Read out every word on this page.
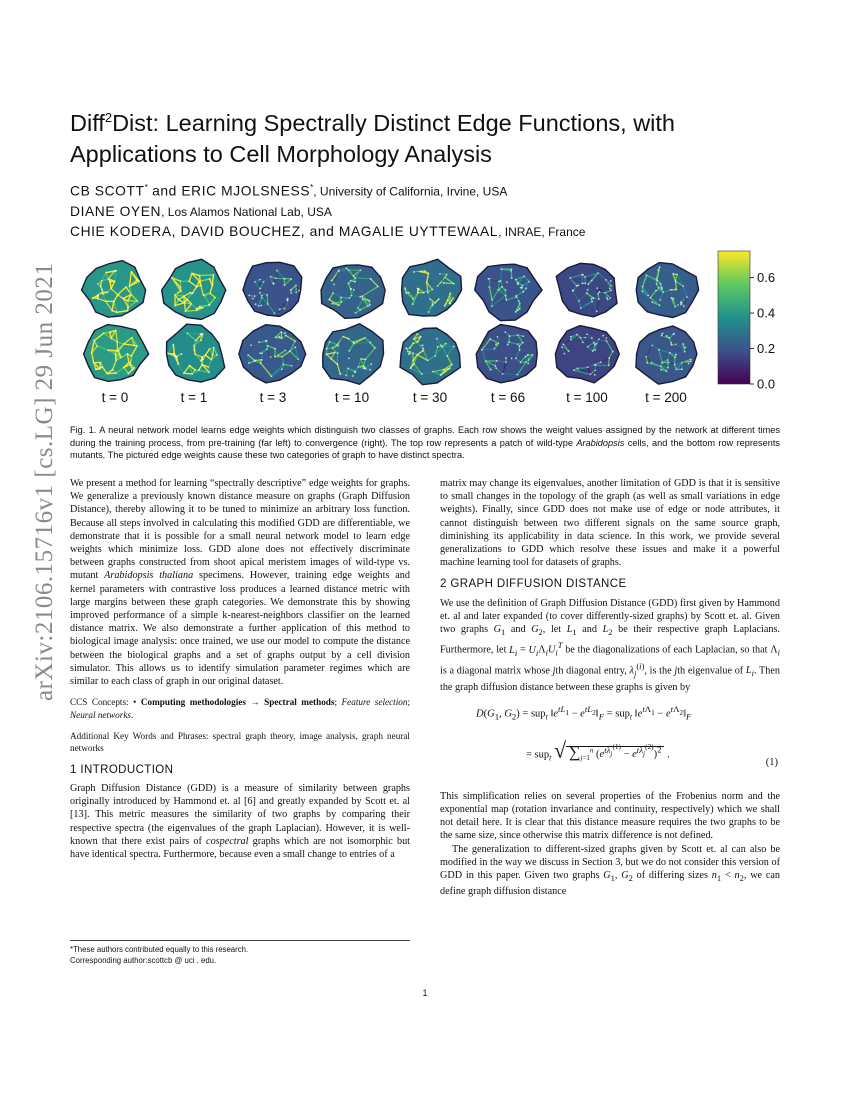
arXiv:2106.15716v1 [cs.LG] 29 Jun 2021
Diff$^2$Dist: Learning Spectrally Distinct Edge Functions, with Applications to Cell Morphology Analysis
CB SCOTT* and ERIC MJOLSNESS*, University of California, Irvine, USA
DIANE OYEN, Los Alamos National Lab, USA
CHIE KODERA, DAVID BOUCHEZ, and MAGALIE UYTTEWAAL, INRAE, France
t = 0	t = 1	t = 3	t = 10	t = 30	t = 66	t = 100	t = 200
0.6
0.4
0.2
0.0
Fig. 1. A neural network model learns edge weights which distinguish two classes of graphs. Each row shows the weight values assigned by the network at different times during the training process, from pre-training (far left) to convergence (right). The top row represents a patch of wild-type Arabidopsis cells, and the bottom row represents mutants. The pictured edge weights cause these two categories of graph to have distinct spectra.

We present a method for learning “spectrally descriptive” edge weights for graphs. We generalize a previously known distance measure on graphs (Graph Diffusion Distance), thereby allowing it to be tuned to minimize an arbitrary loss function. Because all steps involved in calculating this modified GDD are differentiable, we demonstrate that it is possible for a small neural network model to learn edge weights which minimize loss. GDD alone does not effectively discriminate between graphs constructed from shoot apical meristem images of wild-type vs. mutant Arabidopsis thaliana specimens. However, training edge weights and kernel parameters with contrastive loss produces a learned distance metric with large margins between these graph categories. We demonstrate this by showing improved performance of a simple k-nearest-neighbors classifier on the learned distance matrix. We also demonstrate a further application of this method to biological image analysis: once trained, we use our model to compute the distance between the biological graphs and a set of graphs output by a cell division simulator. This allows us to identify simulation parameter regimes which are similar to each class of graph in our original dataset.

CCS Concepts: • Computing methodologies → Spectral methods; Feature selection; Neural networks.

Additional Key Words and Phrases: spectral graph theory, image analysis, graph neural networks

1 INTRODUCTION

Graph Diffusion Distance (GDD) is a measure of similarity between graphs originally introduced by Hammond et. al [6] and greatly expanded by Scott et. al [13]. This metric measures the similarity of two graphs by comparing their respective spectra (the eigenvalues of the graph Laplacian). However, it is well-known that there exist pairs of cospectral graphs which are not isomorphic but have identical spectra. Furthermore, because even a small change to entries of a

matrix may change its eigenvalues, another limitation of GDD is that it is sensitive to small changes in the topology of the graph (as well as small variations in edge weights). Finally, since GDD does not make use of edge or node attributes, it cannot distinguish between two different signals on the same source graph, diminishing its applicability in data science. In this work, we provide several generalizations to GDD which resolve these issues and make it a powerful machine learning tool for datasets of graphs.

2 GRAPH DIFFUSION DISTANCE

We use the definition of Graph Diffusion Distance (GDD) first given by Hammond et. al and later expanded (to cover differently-sized graphs) by Scott et. al. Given two graphs $G_1$ and $G_2$, let $L_1$ and $L_2$ be their respective graph Laplacians. Furthermore, let $L_i = U_i\Lambda_iU_i^T$ be the diagonalizations of each Laplacian, so that $\Lambda_i$ is a diagonal matrix whose jth diagonal entry, $\lambda_j^{(i)}$, is the jth eigenvalue of $L_i$. Then the graph diffusion distance between these graphs is given by

$D(G_1$, $G_2) = sup_t$ $‖e^{tL_1}$ − $e^{tL_2}‖_F = sup_t$ $‖e^{t\Lambda_1}$ − $e^{t\Lambda_2}‖_F$
= sup$_t$ √ $\sum_{j=1}^n$ $(e^{t\lambda_j^{(1)}} - e^{t\lambda_j^{(2)}})^2$ .
(1)

This simplification relies on several properties of the Frobenius norm and the exponential map (rotation invariance and continuity, respectively) which we shall not detail here. It is clear that this distance measure requires the two graphs to be the same size, since otherwise this matrix difference is not defined.

The generalization to different-sized graphs given by Scott et. al can also be modified in the way we discuss in Section 3, but we do not consider this version of GDD in this paper. Given two graphs $G_1$, $G_2$ of differing sizes $n_1 < n_2$, we can define graph diffusion distance

*These authors contributed equally to this research.
Corresponding author:scottcb @ uci . edu.
1
